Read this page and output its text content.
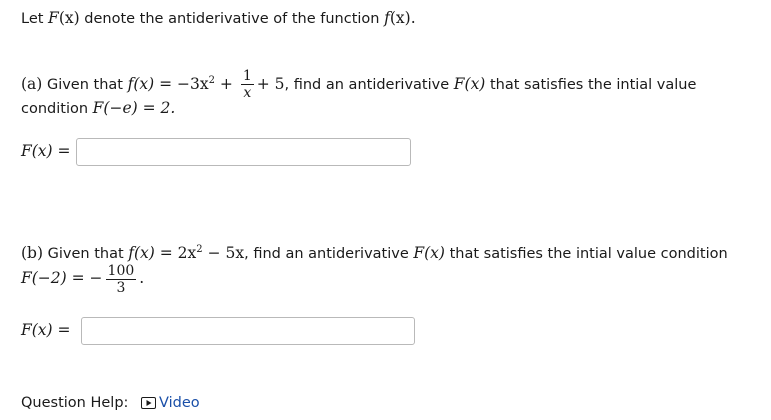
Let F(x) denote the antiderivative of the function f(x).
(a) Given that $f(x) = -3x^2 + \frac{1}{x} + 5$, find an antiderivative F(x) that satisfies the intial value
condition F(−e) = 2.
F(x) =
(b) Given that $f(x) = 2x^2 - 5x$, find an antiderivative F(x) that satisfies the intial value condition
F(−2) = − $\frac{100}{3}$ .
F(x) =
Question Help: Video
